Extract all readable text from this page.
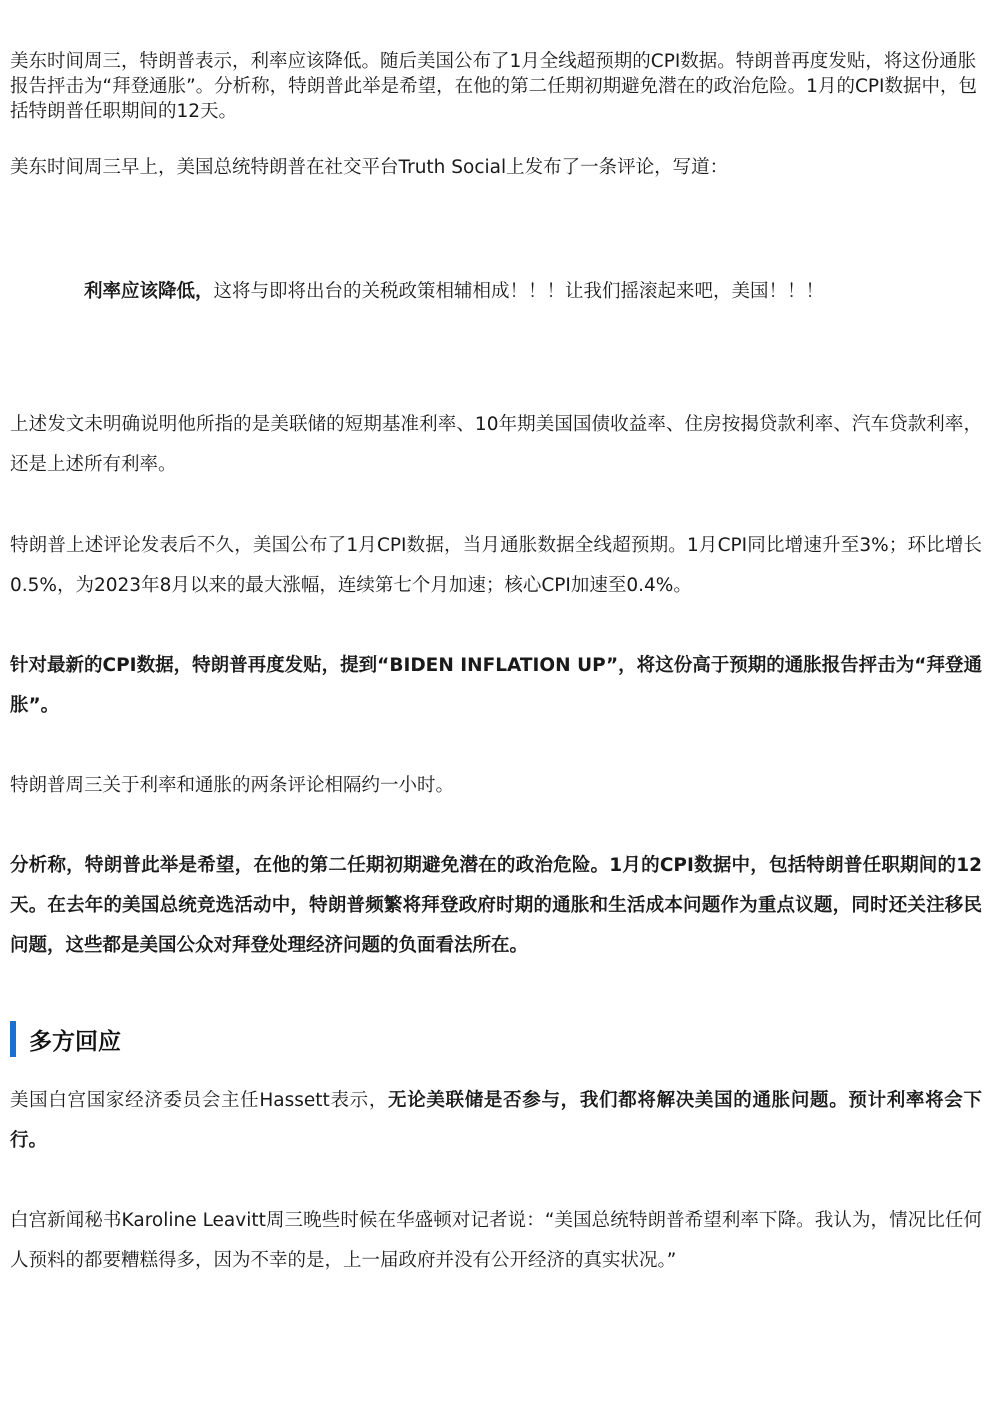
美东时间周三，特朗普表示，利率应该降低。随后美国公布了1月全线超预期的CPI数据。特朗普再度发贴，将这份通胀报告抨击为“拜登通胀”。分析称，特朗普此举是希望，在他的第二任期初期避免潜在的政治危险。1月的CPI数据中，包括特朗普任职期间的12天。

美东时间周三早上，美国总统特朗普在社交平台Truth Social上发布了一条评论，写道：

利率应该降低，这将与即将出台的关税政策相辅相成！！！让我们摇滚起来吧，美国！！！

上述发文未明确说明他所指的是美联储的短期基准利率、10年期美国国债收益率、住房按揭贷款利率、汽车贷款利率，还是上述所有利率。

特朗普上述评论发表后不久，美国公布了1月CPI数据，当月通胀数据全线超预期。1月CPI同比增速升至3%；环比增长0.5%，为2023年8月以来的最大涨幅，连续第七个月加速；核心CPI加速至0.4%。

针对最新的CPI数据，特朗普再度发贴，提到“BIDEN INFLATION UP”，将这份高于预期的通胀报告抨击为“拜登通胀”。

特朗普周三关于利率和通胀的两条评论相隔约一小时。

分析称，特朗普此举是希望，在他的第二任期初期避免潜在的政治危险。1月的CPI数据中，包括特朗普任职期间的12天。在去年的美国总统竞选活动中，特朗普频繁将拜登政府时期的通胀和生活成本问题作为重点议题，同时还关注移民问题，这些都是美国公众对拜登处理经济问题的负面看法所在。

多方回应

美国白宫国家经济委员会主任Hassett表示，无论美联储是否参与，我们都将解决美国的通胀问题。预计利率将会下行。

白宫新闻秘书Karoline Leavitt周三晚些时候在华盛顿对记者说：“美国总统特朗普希望利率下降。我认为，情况比任何人预料的都要糟糕得多，因为不幸的是，上一届政府并没有公开经济的真实状况。”
